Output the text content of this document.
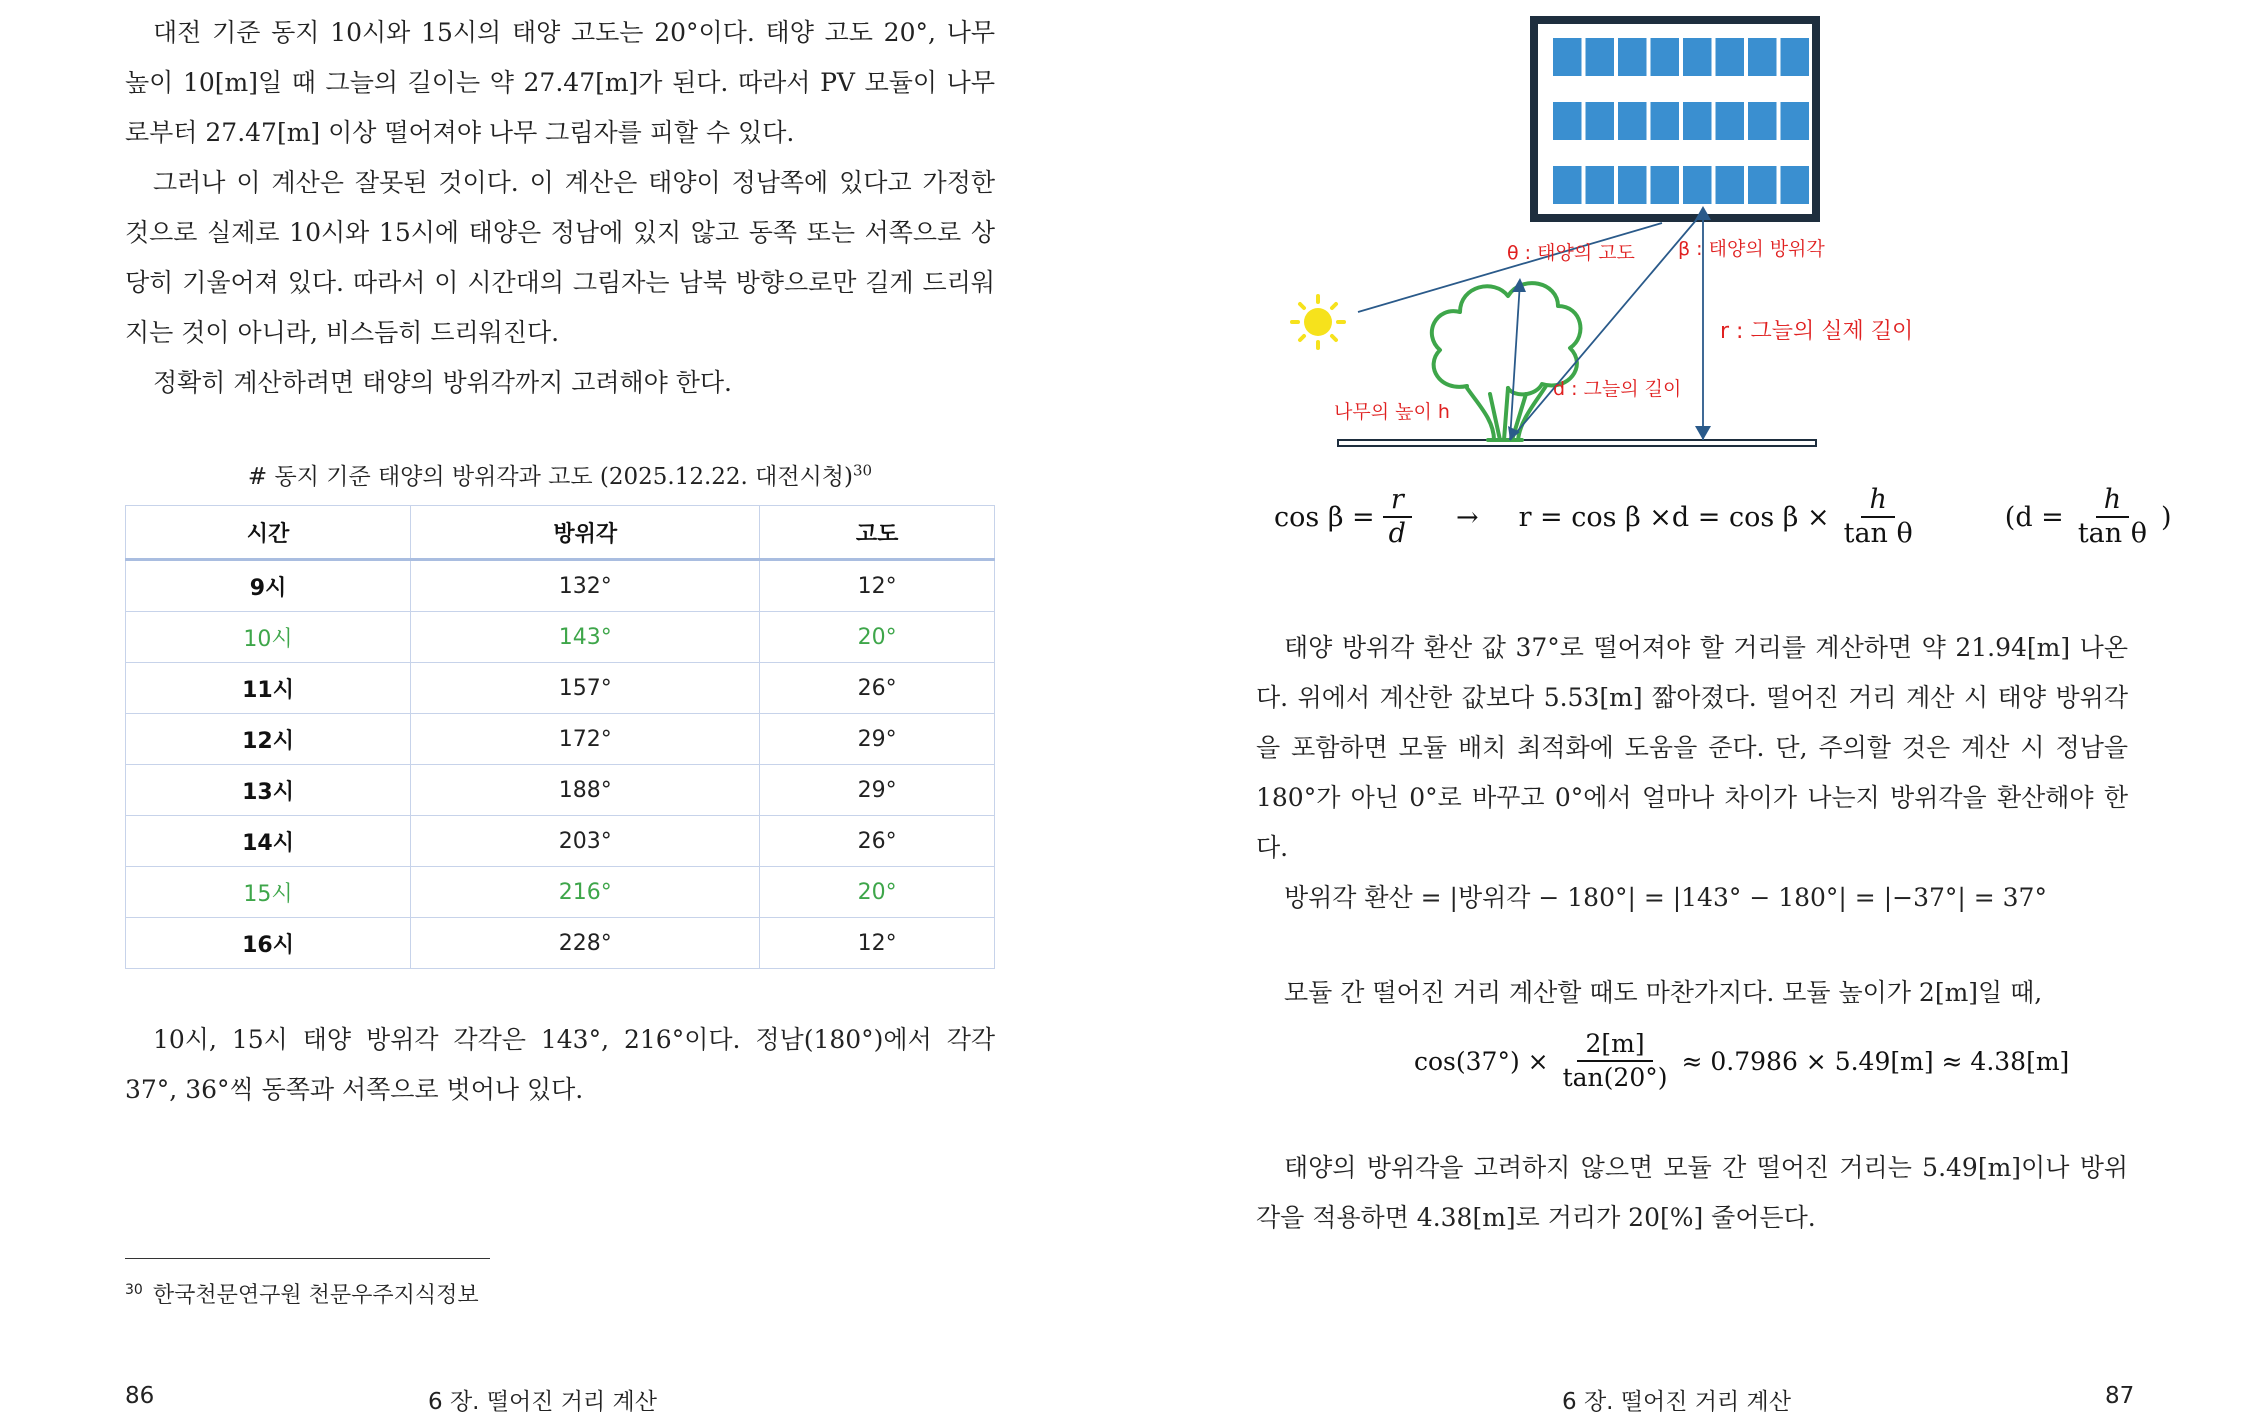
대전 기준 동지 10시와 15시의 태양 고도는 20°이다. 태양 고도 20°, 나무 높이 10[m]일 때 그늘의 길이는 약 27.47[m]가 된다. 따라서 PV 모듈이 나무로부터 27.47[m] 이상 떨어져야 나무 그림자를 피할 수 있다.

그러나 이 계산은 잘못된 것이다. 이 계산은 태양이 정남쪽에 있다고 가정한 것으로 실제로 10시와 15시에 태양은 정남에 있지 않고 동쪽 또는 서쪽으로 상당히 기울어져 있다. 따라서 이 시간대의 그림자는 남북 방향으로만 길게 드리워지는 것이 아니라, 비스듬히 드리워진다.

정확히 계산하려면 태양의 방위각까지 고려해야 한다.

# 동지 기준 태양의 방위각과 고도 (2025.12.22. 대전시청)$^{30}$
시간	방위각	고도
9시	132°	12°
10시	143°	20°
11시	157°	26°
12시	172°	29°
13시	188°	29°
14시	203°	26°
15시	216°	20°
16시	228°	12°

10시, 15시 태양 방위각 각각은 143°, 216°이다. 정남(180°)에서 각각 37°, 36°씩 동쪽과 서쪽으로 벗어나 있다.

$^{30}$ 한국천문연구원 천문우주지식정보
86	6 장. 떨어진 거리 계산
θ : 태양의 고도 β : 태양의 방위각
r : 그늘의 실제 길이
d : 그늘의 길이
나무의 높이 h
$\cos \beta = \frac{r}{d} \to r = \cos \beta \times d = \cos \beta \times \frac{h}{\text{tan θ}}$	($d = \frac{h}{\text{tan θ}}$ )

태양 방위각 환산 값 37°로 떨어져야 할 거리를 계산하면 약 21.94[m] 나온다. 위에서 계산한 값보다 5.53[m] 짧아졌다. 떨어진 거리 계산 시 태양 방위각을 포함하면 모듈 배치 최적화에 도움을 준다. 단, 주의할 것은 계산 시 정남을 180°가 아닌 0°로 바꾸고 0°에서 얼마나 차이가 나는지 방위각을 환산해야 한다.

방위각 환산 = |방위각 − 180°| = |143° − 180°| = |−37°| = 37°

모듈 간 떨어진 거리 계산할 때도 마찬가지다. 모듈 높이가 2[m]일 때,

$\cos(37^\circ) \times \frac{2[m]}{\tan(20^\circ)} \approx 0.7986 \times 5.49[m] \approx 4.38[m]$

태양의 방위각을 고려하지 않으면 모듈 간 떨어진 거리는 5.49[m]이나 방위각을 적용하면 4.38[m]로 거리가 20[%] 줄어든다.

6 장. 떨어진 거리 계산	87
